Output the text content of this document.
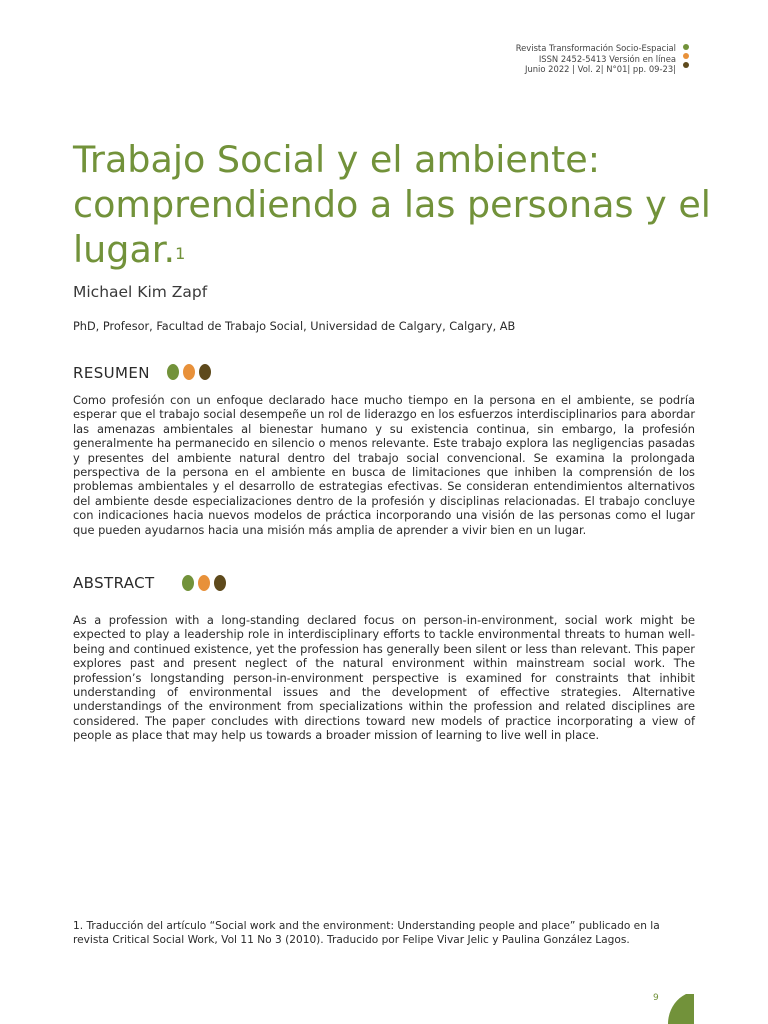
Revista Transformación Socio-Espacial
ISSN 2452-5413 Versión en línea
Junio 2022 | Vol. 2| N°01| pp. 09-23|
Trabajo Social y el ambiente: comprendiendo a las personas y el lugar.$^1$
Michael Kim Zapf
PhD, Profesor, Facultad de Trabajo Social, Universidad de Calgary, Calgary, AB
RESUMEN

Como profesión con un enfoque declarado hace mucho tiempo en la persona en el ambiente, se podría esperar que el trabajo social desempeñe un rol de liderazgo en los esfuerzos interdisciplinarios para abordar las amenazas ambientales al bienestar humano y su existencia continua, sin embargo, la profesión generalmente ha permanecido en silencio o menos relevante. Este trabajo explora las negligencias pasadas y presentes del ambiente natural dentro del trabajo social convencional. Se examina la prolongada perspectiva de la persona en el ambiente en busca de limitaciones que inhiben la comprensión de los problemas ambientales y el desarrollo de estrategias efectivas. Se consideran entendimientos alternativos del ambiente desde especializaciones dentro de la profesión y disciplinas relacionadas. El trabajo concluye con indicaciones hacia nuevos modelos de práctica incorporando una visión de las personas como el lugar que pueden ayudarnos hacia una misión más amplia de aprender a vivir bien en un lugar.

ABSTRACT

As a profession with a long-standing declared focus on person-in-environment, social work might be expected to play a leadership role in interdisciplinary efforts to tackle environmental threats to human well-being and continued existence, yet the profession has generally been silent or less than relevant. This paper explores past and present neglect of the natural environment within mainstream social work. The profession’s longstanding person-in-environment perspective is examined for constraints that inhibit understanding of environmental issues and the development of effective strategies. Alternative understandings of the environment from specializations within the profession and related disciplines are considered. The paper concludes with directions toward new models of practice incorporating a view of people as place that may help us towards a broader mission of learning to live well in place.

1. Traducción del artículo “Social work and the environment: Understanding people and place” publicado en la revista Critical Social Work, Vol 11 No 3 (2010). Traducido por Felipe Vivar Jelic y Paulina González Lagos.

9
